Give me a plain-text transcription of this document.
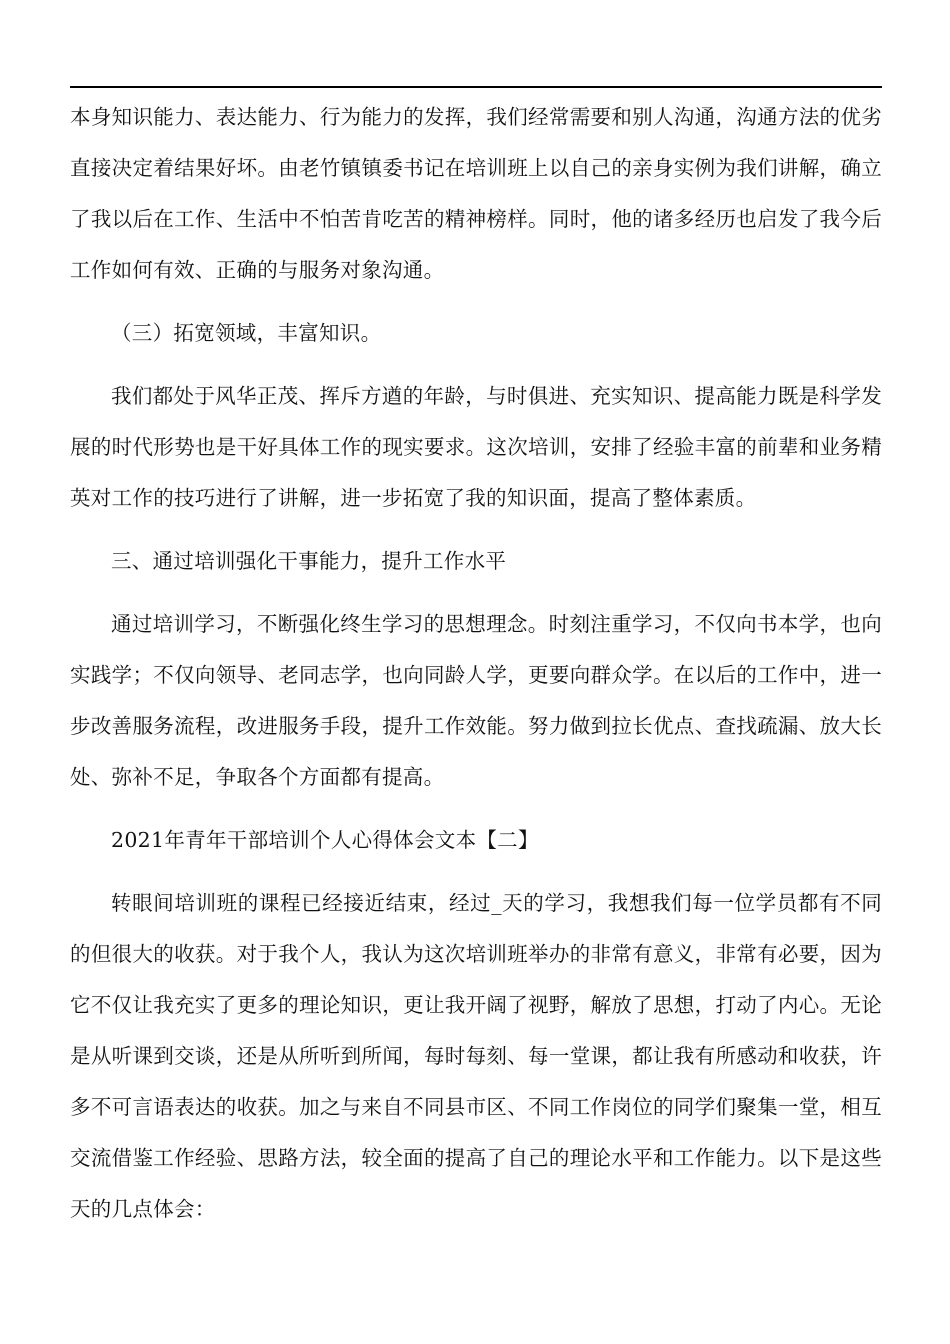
本身知识能力、表达能力、行为能力的发挥，我们经常需要和别人沟通，沟通方法的优劣直接决定着结果好坏。由老竹镇镇委书记在培训班上以自己的亲身实例为我们讲解，确立了我以后在工作、生活中不怕苦肯吃苦的精神榜样。同时，他的诸多经历也启发了我今后工作如何有效、正确的与服务对象沟通。

（三）拓宽领域，丰富知识。

我们都处于风华正茂、挥斥方遒的年龄，与时俱进、充实知识、提高能力既是科学发展的时代形势也是干好具体工作的现实要求。这次培训，安排了经验丰富的前辈和业务精英对工作的技巧进行了讲解，进一步拓宽了我的知识面，提高了整体素质。

三、通过培训强化干事能力，提升工作水平

通过培训学习，不断强化终生学习的思想理念。时刻注重学习，不仅向书本学，也向实践学；不仅向领导、老同志学，也向同龄人学，更要向群众学。在以后的工作中，进一步改善服务流程，改进服务手段，提升工作效能。努力做到拉长优点、查找疏漏、放大长处、弥补不足，争取各个方面都有提高。

2021年青年干部培训个人心得体会文本【二】

转眼间培训班的课程已经接近结束，经过_天的学习，我想我们每一位学员都有不同的但很大的收获。对于我个人，我认为这次培训班举办的非常有意义，非常有必要，因为它不仅让我充实了更多的理论知识，更让我开阔了视野，解放了思想，打动了内心。无论是从听课到交谈，还是从所听到所闻，每时每刻、每一堂课，都让我有所感动和收获，许多不可言语表达的收获。加之与来自不同县市区、不同工作岗位的同学们聚集一堂，相互交流借鉴工作经验、思路方法，较全面的提高了自己的理论水平和工作能力。以下是这些天的几点体会：
